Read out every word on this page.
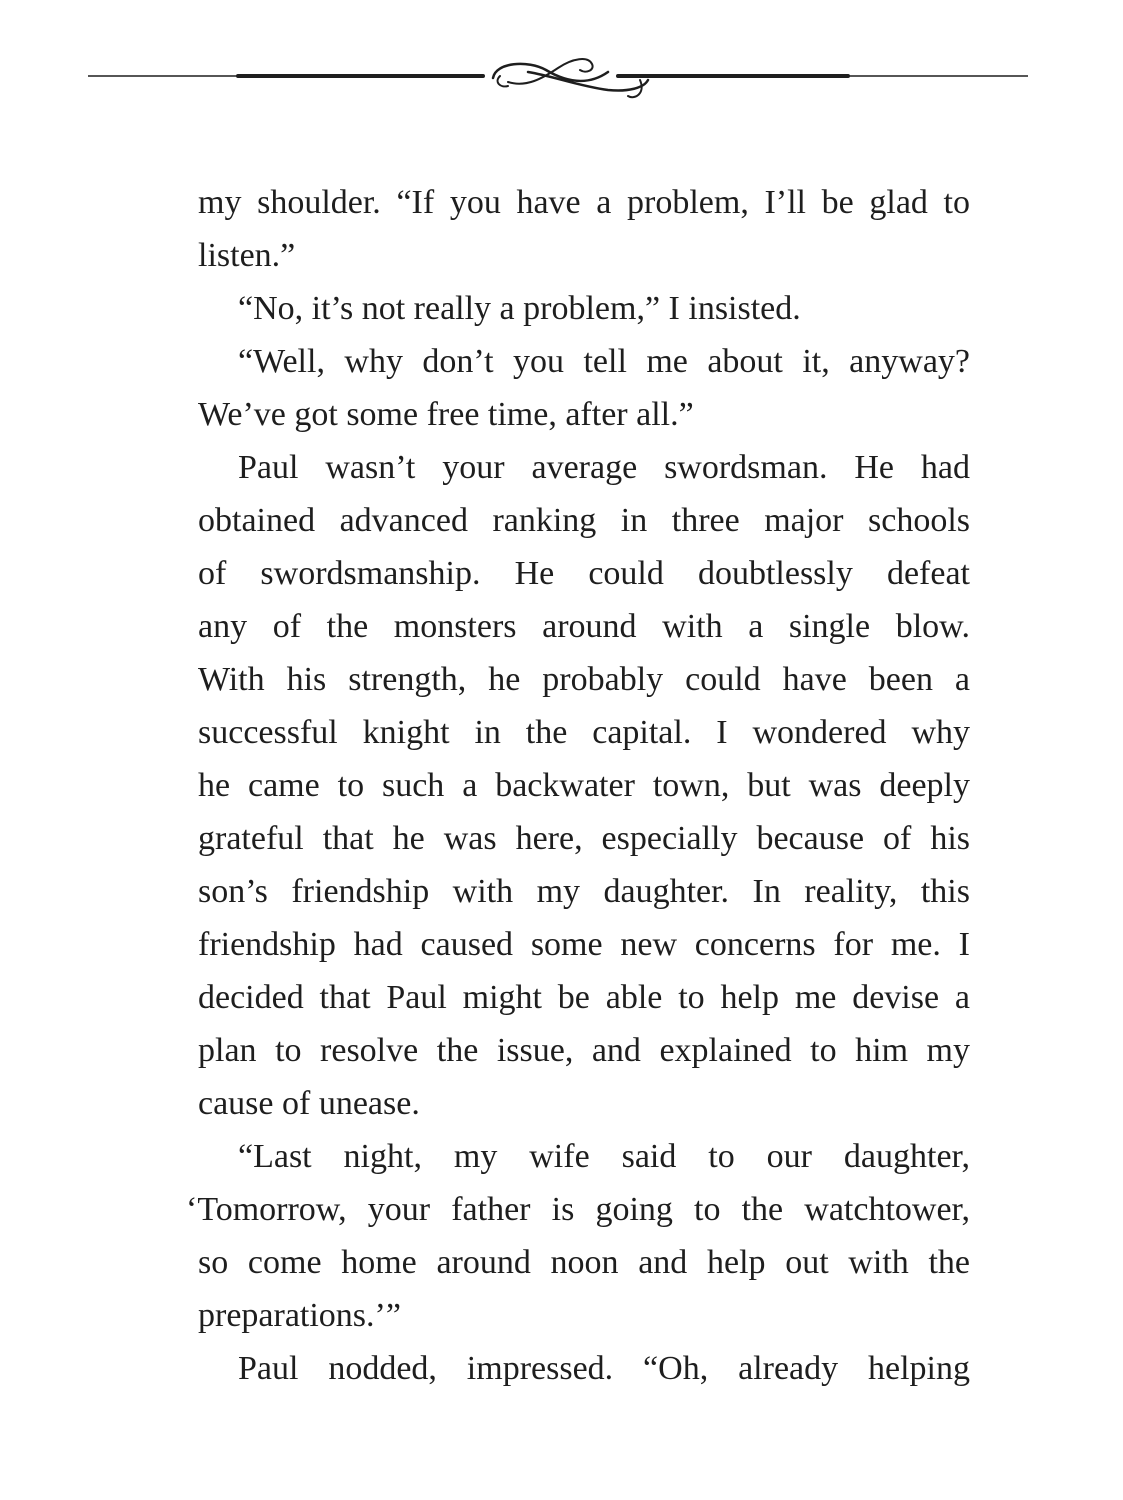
my shoulder. “If you have a problem, I’ll be glad to
listen.”
“No, it’s not really a problem,” I insisted.
“Well, why don’t you tell me about it, anyway?
We’ve got some free time, after all.”
Paul wasn’t your average swordsman. He had
obtained advanced ranking in three major schools
of swordsmanship. He could doubtlessly defeat
any of the monsters around with a single blow.
With his strength, he probably could have been a
successful knight in the capital. I wondered why
he came to such a backwater town, but was deeply
grateful that he was here, especially because of his
son’s friendship with my daughter. In reality, this
friendship had caused some new concerns for me. I
decided that Paul might be able to help me devise a
plan to resolve the issue, and explained to him my
cause of unease.
“Last night, my wife said to our daughter,
‘Tomorrow, your father is going to the watchtower,
so come home around noon and help out with the
preparations.’”
Paul nodded, impressed. “Oh, already helping
